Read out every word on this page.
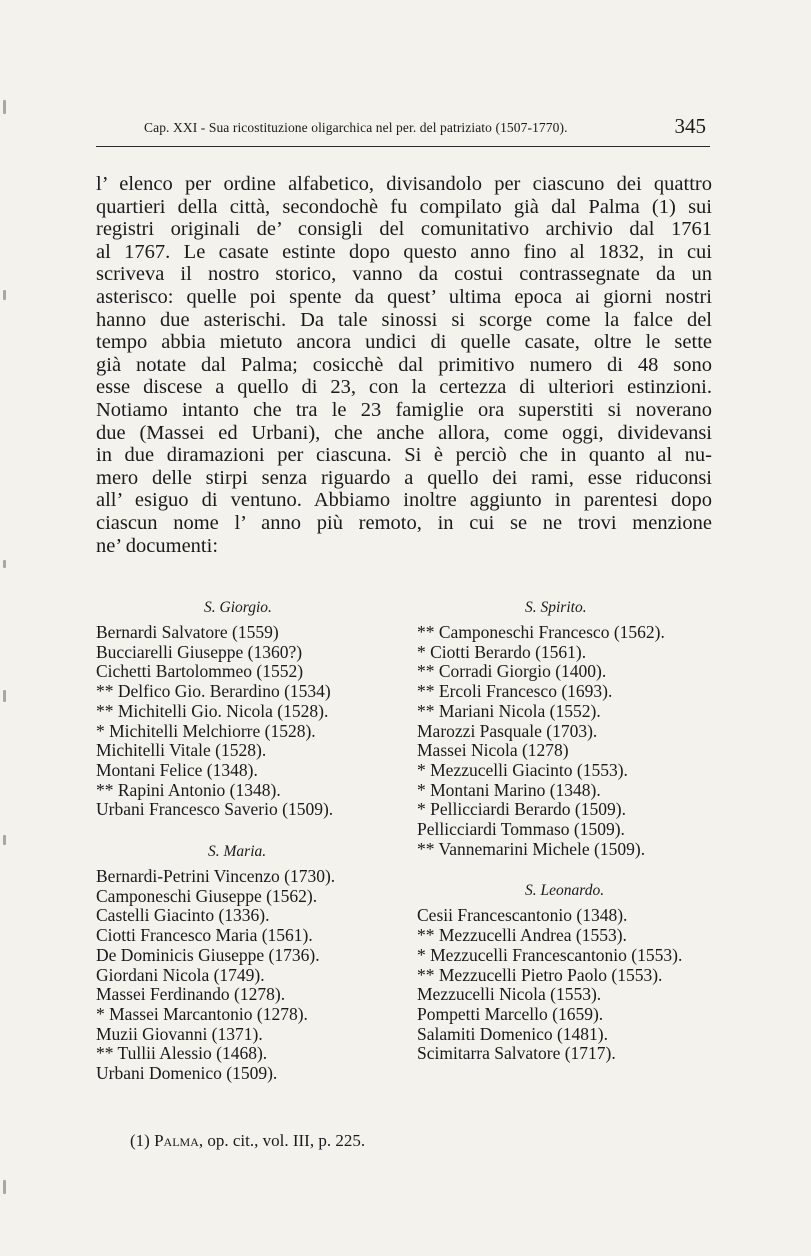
Cap. XXI - Sua ricostituzione oligarchica nel per. del patriziato (1507-1770).	345
l’ elenco per ordine alfabetico, divisandolo per ciascuno dei quattro
quartieri della città, secondochè fu compilato già dal Palma (1) sui
registri originali de’ consigli del comunitativo archivio dal 1761
al 1767. Le casate estinte dopo questo anno fino al 1832, in cui
scriveva il nostro storico, vanno da costui contrassegnate da un
asterisco: quelle poi spente da quest’ ultima epoca ai giorni nostri
hanno due asterischi. Da tale sinossi si scorge come la falce del
tempo abbia mietuto ancora undici di quelle casate, oltre le sette
già notate dal Palma; cosicchè dal primitivo numero di 48 sono
esse discese a quello di 23, con la certezza di ulteriori estinzioni.
Notiamo intanto che tra le 23 famiglie ora superstiti si noverano
due (Massei ed Urbani), che anche allora, come oggi, dividevansi
in due diramazioni per ciascuna. Si è perciò che in quanto al nu-
mero delle stirpi senza riguardo a quello dei rami, esse riduconsi
all’ esiguo di ventuno. Abbiamo inoltre aggiunto in parentesi dopo
ciascun nome l’ anno più remoto, in cui se ne trovi menzione
ne’ documenti:
S. Giorgio.
Bernardi Salvatore (1559)
Bucciarelli Giuseppe (1360?)
Cichetti Bartolommeo (1552)
** Delfico Gio. Berardino (1534)
** Michitelli Gio. Nicola (1528).
* Michitelli Melchiorre (1528).
Michitelli Vitale (1528).
Montani Felice (1348).
** Rapini Antonio (1348).
Urbani Francesco Saverio (1509).
S. Maria.
Bernardi-Petrini Vincenzo (1730).
Camponeschi Giuseppe (1562).
Castelli Giacinto (1336).
Ciotti Francesco Maria (1561).
De Dominicis Giuseppe (1736).
Giordani Nicola (1749).
Massei Ferdinando (1278).
* Massei Marcantonio (1278).
Muzii Giovanni (1371).
** Tullii Alessio (1468).
Urbani Domenico (1509).
S. Spirito.
** Camponeschi Francesco (1562).
* Ciotti Berardo (1561).
** Corradi Giorgio (1400).
** Ercoli Francesco (1693).
** Mariani Nicola (1552).
Marozzi Pasquale (1703).
Massei Nicola (1278)
* Mezzucelli Giacinto (1553).
* Montani Marino (1348).
* Pellicciardi Berardo (1509).
Pellicciardi Tommaso (1509).
** Vannemarini Michele (1509).
S. Leonardo.
Cesii Francescantonio (1348).
** Mezzucelli Andrea (1553).
* Mezzucelli Francescantonio (1553).
** Mezzucelli Pietro Paolo (1553).
Mezzucelli Nicola (1553).
Pompetti Marcello (1659).
Salamiti Domenico (1481).
Scimitarra Salvatore (1717).
(1) Palma, op. cit., vol. III, p. 225.
